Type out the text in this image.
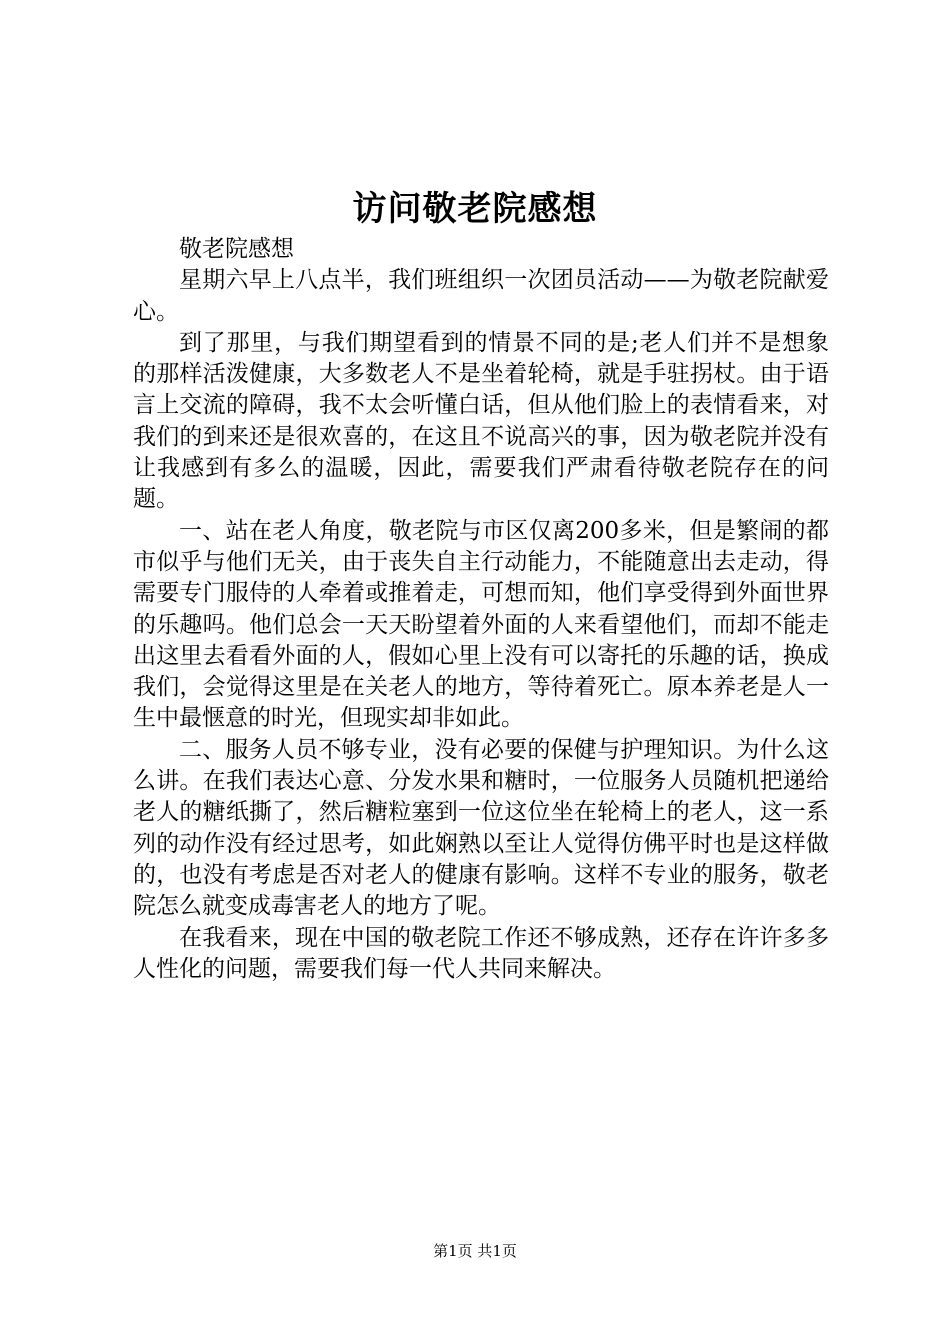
访问敬老院感想

敬老院感想

星期六早上八点半，我们班组织一次团员活动——为敬老院献爱心。

到了那里，与我们期望看到的情景不同的是;老人们并不是想象的那样活泼健康，大多数老人不是坐着轮椅，就是手驻拐杖。由于语言上交流的障碍，我不太会听懂白话，但从他们脸上的表情看来，对我们的到来还是很欢喜的，在这且不说高兴的事，因为敬老院并没有让我感到有多么的温暖，因此，需要我们严肃看待敬老院存在的问题。

一、站在老人角度，敬老院与市区仅离200多米，但是繁闹的都市似乎与他们无关，由于丧失自主行动能力，不能随意出去走动，得需要专门服侍的人牵着或推着走，可想而知，他们享受得到外面世界的乐趣吗。他们总会一天天盼望着外面的人来看望他们，而却不能走出这里去看看外面的人，假如心里上没有可以寄托的乐趣的话，换成我们，会觉得这里是在关老人的地方，等待着死亡。原本养老是人一生中最惬意的时光，但现实却非如此。

二、服务人员不够专业，没有必要的保健与护理知识。为什么这么讲。在我们表达心意、分发水果和糖时，一位服务人员随机把递给老人的糖纸撕了，然后糖粒塞到一位这位坐在轮椅上的老人，这一系列的动作没有经过思考，如此娴熟以至让人觉得仿佛平时也是这样做的，也没有考虑是否对老人的健康有影响。这样不专业的服务，敬老院怎么就变成毒害老人的地方了呢。

在我看来，现在中国的敬老院工作还不够成熟，还存在许许多多人性化的问题，需要我们每一代人共同来解决。

第1页 共1页
